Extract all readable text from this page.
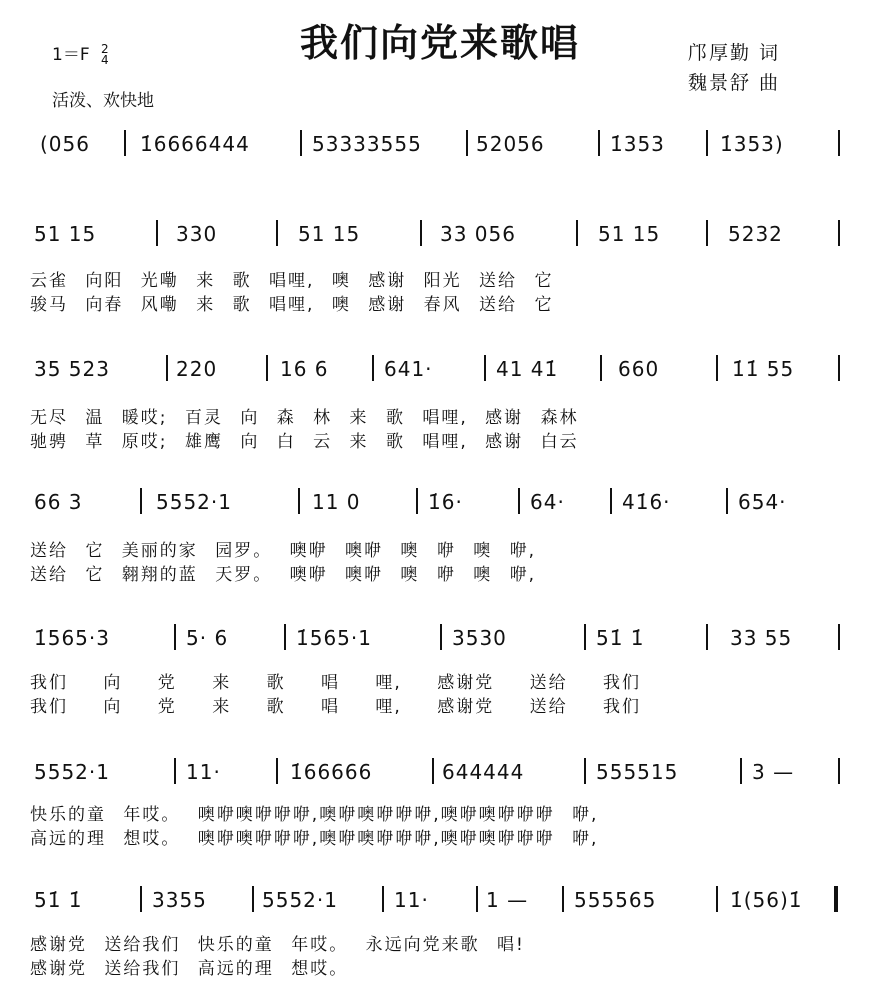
我们向党来歌唱
1＝F 2
4
活泼、欢快地
邝厚勤 词
魏景舒 曲
(056	1̇6666444	53333555	52056	1̇353	1̇353)
51 15	330	51 15	33 056	51 15	5232
云雀 向阳 光嘞 来 歌 唱哩, 噢 感谢 阳光 送给 它
骏马 向春 风嘞 来 歌 唱哩, 噢 感谢 春风 送给 它
35 523	220	16 6	641·	41 41̇	660	1̇1̇ 55
无尽 温 暖哎; 百灵 向 森 林 来 歌 唱哩, 感谢 森林
驰骋 草 原哎; 雄鹰 向 白 云 来 歌 唱哩, 感谢 白云
66 3	5552·1	11 0	1̇6·	64·	41̇6·	654·
送给 它 美丽的家 园罗。 噢咿 噢咿 噢 咿 噢 咿,
送给 它 翱翔的蓝 天罗。 噢咿 噢咿 噢 咿 噢 咿,
1̇565·3	5· 6	1̇565·1	3530	51̇ 1̇	33 55
我们 向 党 来 歌 唱 哩, 感谢党 送给 我们
我们 向 党 来 歌 唱 哩, 感谢党 送给 我们
5552·1	11·	1̇66666	644444	555515	3 —
快乐的童 年哎。 噢咿噢咿咿咿,噢咿噢咿咿咿,噢咿噢咿咿咿 咿,
高远的理 想哎。 噢咿噢咿咿咿,噢咿噢咿咿咿,噢咿噢咿咿咿 咿,
51̇ 1̇	3355	5552·1	11·	1 — 555565	1̇(56)1̇
感谢党 送给我们 快乐的童 年哎。 永远向党来歌 唱!
感谢党 送给我们 高远的理 想哎。
